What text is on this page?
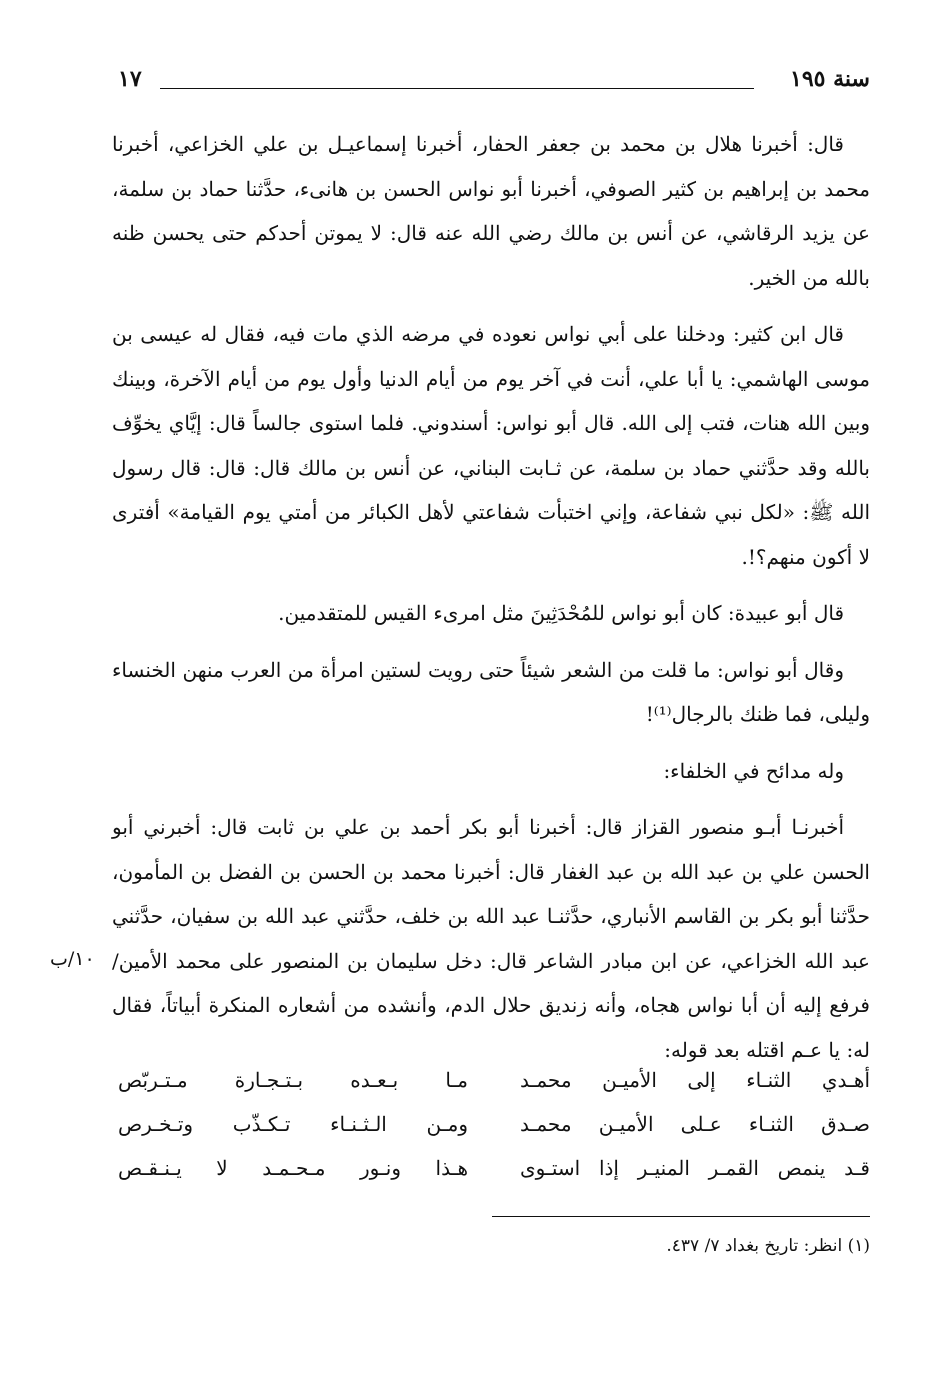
سنة ١٩٥
١٧

قال: أخبرنا هلال بن محمد بن جعفر الحفار، أخبرنا إسماعيـل بن علي الخزاعي، أخبرنا محمد بن إبراهيم بن كثير الصوفي، أخبرنا أبو نواس الحسن بن هانىء، حدَّثنا حماد بن سلمة، عن يزيد الرقاشي، عن أنس بن مالك رضي الله عنه قال: لا يموتن أحدكم حتى يحسن ظنه بالله من الخير.

قال ابن كثير: ودخلنا على أبي نواس نعوده في مرضه الذي مات فيه، فقال له عيسى بن موسى الهاشمي: يا أبا علي، أنت في آخر يوم من أيام الدنيا وأول يوم من أيام الآخرة، وبينك وبين الله هنات، فتب إلى الله. قال أبو نواس: أسندوني. فلما استوى جالساً قال: إيَّاي يخوِّف بالله وقد حدَّثني حماد بن سلمة، عن ثـابت البناني، عن أنس بن مالك قال: قال: قال رسول الله ﷺ: «لكل نبي شفاعة، وإني اختبأت شفاعتي لأهل الكبائر من أمتي يوم القيامة» أفترى لا أكون منهم؟!.

قال أبو عبيدة: كان أبو نواس للمُحْدَثِينَ مثل امرىء القيس للمتقدمين.

وقال أبو نواس: ما قلت من الشعر شيئاً حتى رويت لستين امرأة من العرب منهن الخنساء وليلى، فما ظنك بالرجال⁽¹⁾!

وله مدائح في الخلفاء:

أخبرنـا أبـو منصور القزاز قال: أخبرنا أبو بكر أحمد بن علي بن ثابت قال: أخبرني أبو الحسن علي بن عبد الله بن عبد الغفار قال: أخبرنا محمد بن الحسن بن الفضل بن المأمون، حدَّثنا أبو بكر بن القاسم الأنباري، حدَّثنـا عبد الله بن خلف، حدَّثني عبد الله بن سفيان، حدَّثني عبد الله الخزاعي، عن ابن مبادر الشاعر قال: دخل سليمان بن المنصور على محمد الأمين/ فرفع إليه أن أبا نواس هجاه، وأنه زنديق حلال الدم، وأنشده من أشعاره المنكرة أبياتاً، فقال له: يا عـم اقتله بعد قوله:

١٠/ب
أهـدي الثنـاء إلى الأميـن محمـد
مـا بـعـده بـتـجـارة مـتـربّص
صـدق الثنـاء عـلى الأميـن محمـد
ومـن الـثـنـاء تـكـذّب وتـخـرص
قـد ينمص القمـر المنيـر إذا استـوى
هـذا ونـور مـحـمـد لا يـنـقـص
(١) انظر: تاريخ بغداد ٧/ ٤٣٧.
